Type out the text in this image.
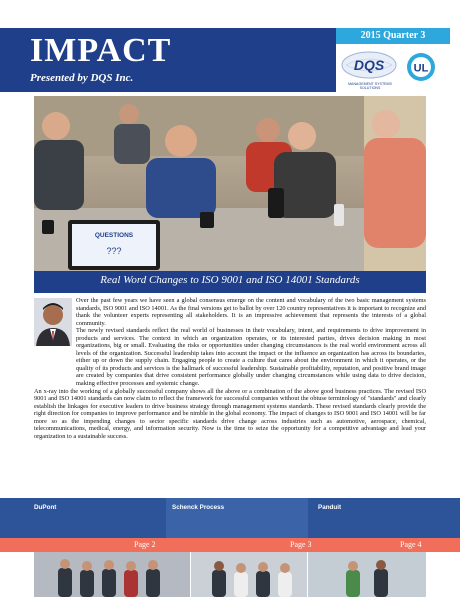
IMPACT
Presented by DQS Inc.
2015 Quarter 3
DQS
MANAGEMENT SYSTEMS SOLUTIONS
UL
QUESTIONS
???
Real Word Changes to ISO 9001 and ISO 14001 Standards

Over the past few years we have seen a global consensus emerge on the content and vocabulary of the two basic management systems standards, ISO 9001 and ISO 14001. As the final versions get to ballot by over 120 country representatives it is important to recognize and thank the volunteer experts representing all stakeholders. It is an impressive achievement that represents the interests of a global community.

The newly revised standards reflect the real world of businesses in their vocabulary, intent, and requirements to drive improvement in products and services. The context in which an organization operates, or its interested parties, drives decision making in most organizations, big or small. Evaluating the risks or opportunities under changing circumstances is the real world environment across all levels of the organization. Successful leadership takes into account the impact or the influence an organization has across its boundaries, either up or down the supply chain. Engaging people to create a culture that cares about the environment in which it operates, or the quality of its products and services is the hallmark of successful leadership. Sustainable profitability, reputation, and positive brand image are created by companies that drive consistent performance globally under changing circumstances while using data to drive decision, making effective processes and systemic change.

An x-ray into the working of a globally successful company shows all the above or a combination of the above good business practices. The revised ISO 9001 and ISO 14001 standards can now claim to reflect the framework for successful companies without the obtuse terminology of "standards" and clearly establish the linkages for executive leaders to drive business strategy through management systems standards. These revised standards clearly provide the right direction for companies to improve performance and be nimble in the global economy. The impact of changes to ISO 9001 and ISO 14001 will be far more so as the impending changes to sector specific standards drive change across industries such as automotive, aerospace, chemical, telecommunications, medical, energy, and information security. Now is the time to seize the opportunity for a competitive advantage and lead your organization to a sustainable success.

DuPont	Schenck Process	Panduit
Page 2	Page 3	Page 4
